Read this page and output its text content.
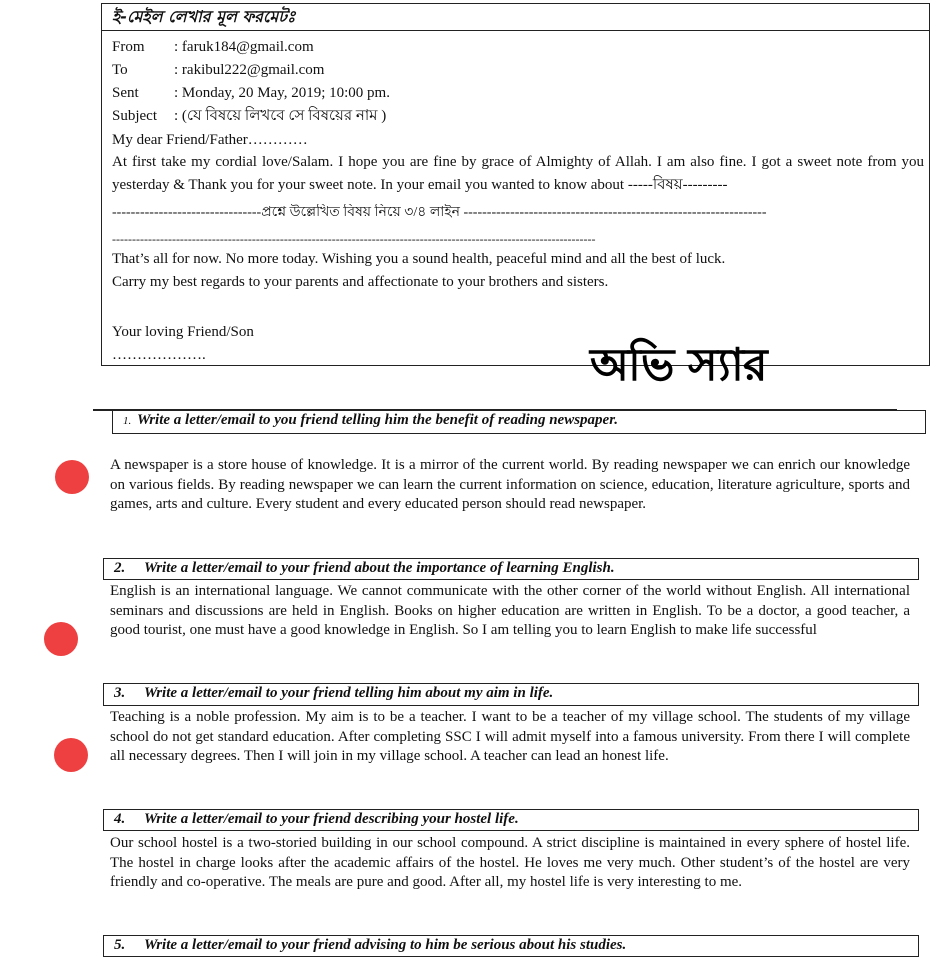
ই-মেইল লেখার মূল ফরমেটঃ
From : faruk184@gmail.com
To	: rakibul222@gmail.com
Sent : Monday, 20 May, 2019; 10:00 pm.
Subject : (যে বিষয়ে লিখবে সে বিষয়ের নাম )
My dear Friend/Father…………
At first take my cordial love/Salam. I hope you are fine by grace of Almighty of Allah. I am also fine. I got a sweet note from you yesterday & Thank you for your sweet note. In your email you wanted to know about -----বিষয়---------
--------------------------------প্রশ্নে উল্লেখিত বিষয় নিয়ে ৩/৪ লাইন -----------------------------------------------------------------
-------------------------------------------------------------------------------------------------------------------------
That’s all for now. No more today. Wishing you a sound health, peaceful mind and all the best of luck.
Carry my best regards to your parents and affectionate to your brothers and sisters.
Your loving Friend/Son
……………….	অভি স্যার
1. Write a letter/email to you friend telling him the benefit of reading newspaper.
A newspaper is a store house of knowledge. It is a mirror of the current world. By reading newspaper we can enrich our knowledge on various fields. By reading newspaper we can learn the current information on science, education, literature agriculture, sports and games, arts and culture. Every student and every educated person should read newspaper.
2. Write a letter/email to your friend about the importance of learning English.
English is an international language. We cannot communicate with the other corner of the world without English. All international seminars and discussions are held in English. Books on higher education are written in English. To be a doctor, a good teacher, a good tourist, one must have a good knowledge in English. So I am telling you to learn English to make life successful
3. Write a letter/email to your friend telling him about my aim in life.
Teaching is a noble profession. My aim is to be a teacher. I want to be a teacher of my village school. The students of my village school do not get standard education. After completing SSC I will admit myself into a famous university. From there I will complete all necessary degrees. Then I will join in my village school. A teacher can lead an honest life.
4. Write a letter/email to your friend describing your hostel life.
Our school hostel is a two-storied building in our school compound. A strict discipline is maintained in every sphere of hostel life. The hostel in charge looks after the academic affairs of the hostel. He loves me very much. Other student’s of the hostel are very friendly and co-operative. The meals are pure and good. After all, my hostel life is very interesting to me.
5. Write a letter/email to your friend advising to him be serious about his studies.
